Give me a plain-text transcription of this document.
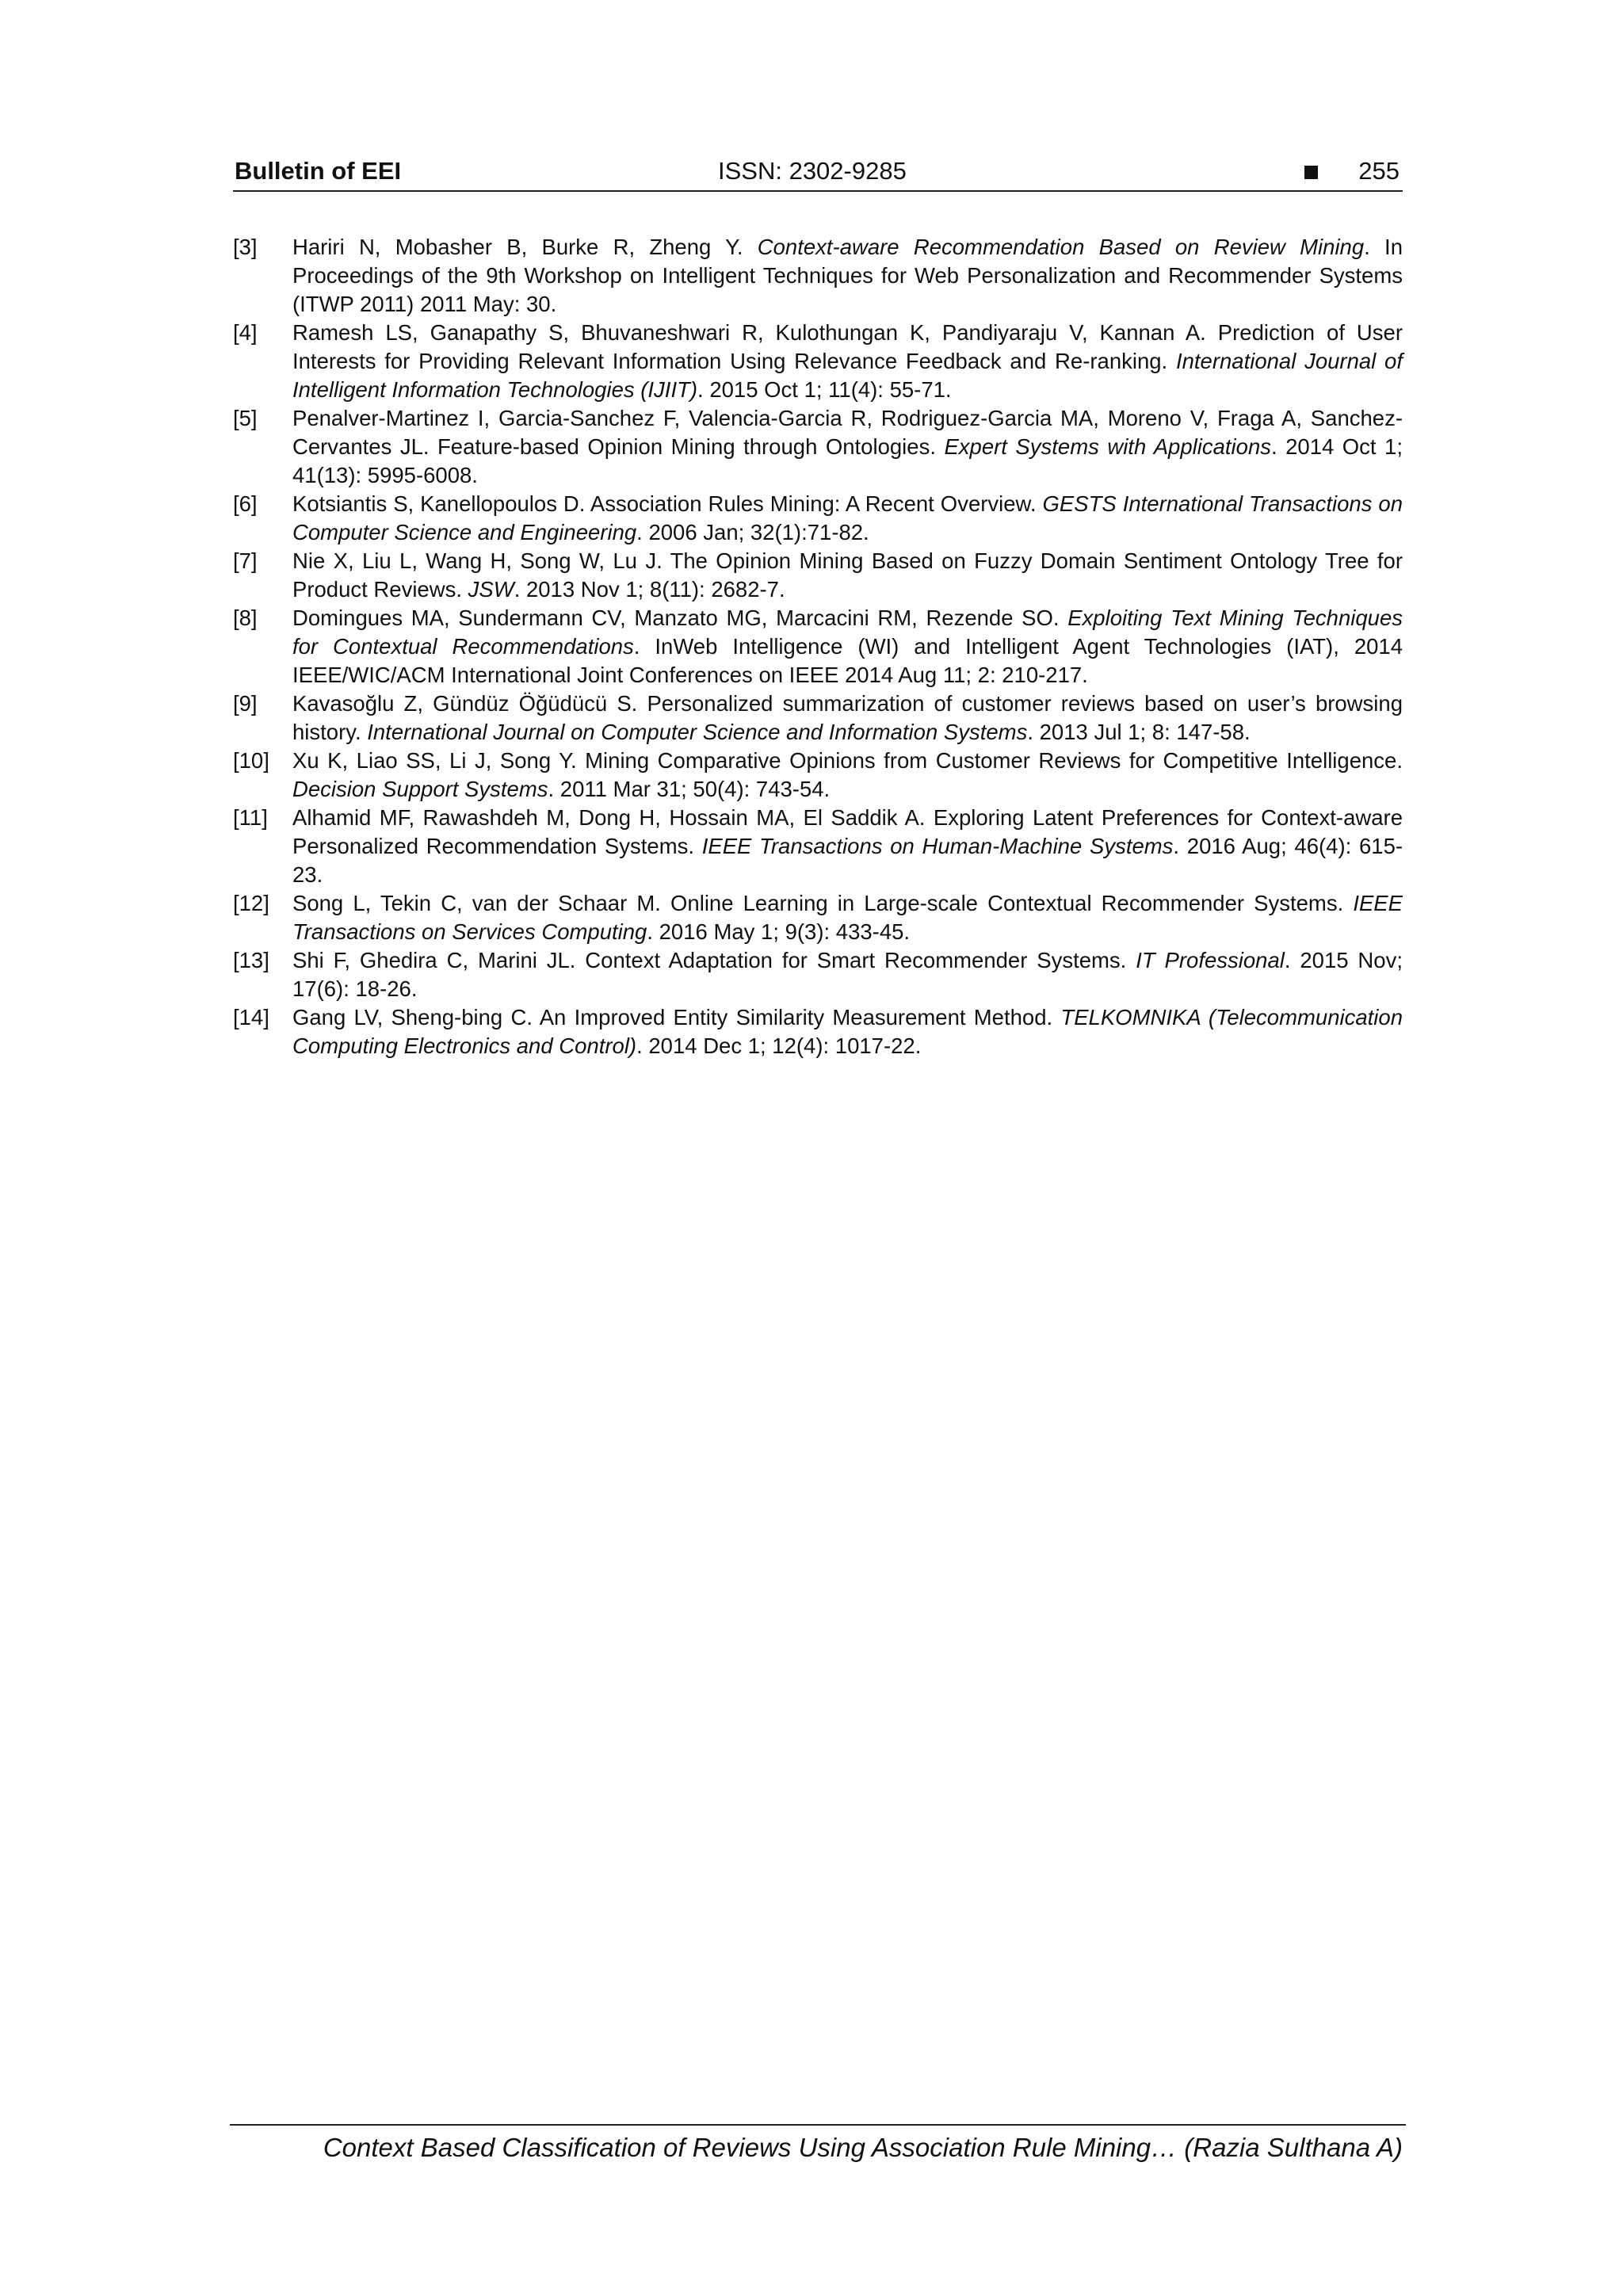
Bulletin of EEI	ISSN: 2302-9285	255
[3] Hariri N, Mobasher B, Burke R, Zheng Y. Context-aware Recommendation Based on Review Mining. In Proceedings of the 9th Workshop on Intelligent Techniques for Web Personalization and Recommender Systems (ITWP 2011) 2011 May: 30.
[4] Ramesh LS, Ganapathy S, Bhuvaneshwari R, Kulothungan K, Pandiyaraju V, Kannan A. Prediction of User Interests for Providing Relevant Information Using Relevance Feedback and Re-ranking. International Journal of Intelligent Information Technologies (IJIIT). 2015 Oct 1; 11(4): 55-71.
[5] Penalver-Martinez I, Garcia-Sanchez F, Valencia-Garcia R, Rodriguez-Garcia MA, Moreno V, Fraga A, Sanchez-Cervantes JL. Feature-based Opinion Mining through Ontologies. Expert Systems with Applications. 2014 Oct 1; 41(13): 5995-6008.
[6] Kotsiantis S, Kanellopoulos D. Association Rules Mining: A Recent Overview. GESTS International Transactions on Computer Science and Engineering. 2006 Jan; 32(1):71-82.
[7] Nie X, Liu L, Wang H, Song W, Lu J. The Opinion Mining Based on Fuzzy Domain Sentiment Ontology Tree for Product Reviews. JSW. 2013 Nov 1; 8(11): 2682-7.
[8] Domingues MA, Sundermann CV, Manzato MG, Marcacini RM, Rezende SO. Exploiting Text Mining Techniques for Contextual Recommendations. InWeb Intelligence (WI) and Intelligent Agent Technologies (IAT), 2014 IEEE/WIC/ACM International Joint Conferences on IEEE 2014 Aug 11; 2: 210-217.
[9] Kavasoğlu Z, Gündüz Öğüdücü S. Personalized summarization of customer reviews based on user’s browsing history. International Journal on Computer Science and Information Systems. 2013 Jul 1; 8: 147-58.
[10] Xu K, Liao SS, Li J, Song Y. Mining Comparative Opinions from Customer Reviews for Competitive Intelligence. Decision Support Systems. 2011 Mar 31; 50(4): 743-54.
[11] Alhamid MF, Rawashdeh M, Dong H, Hossain MA, El Saddik A. Exploring Latent Preferences for Context-aware Personalized Recommendation Systems. IEEE Transactions on Human-Machine Systems. 2016 Aug; 46(4): 615-23.
[12] Song L, Tekin C, van der Schaar M. Online Learning in Large-scale Contextual Recommender Systems. IEEE Transactions on Services Computing. 2016 May 1; 9(3): 433-45.
[13] Shi F, Ghedira C, Marini JL. Context Adaptation for Smart Recommender Systems. IT Professional. 2015 Nov; 17(6): 18-26.
[14] Gang LV, Sheng-bing C. An Improved Entity Similarity Measurement Method. TELKOMNIKA (Telecommunication Computing Electronics and Control). 2014 Dec 1; 12(4): 1017-22.
Context Based Classification of Reviews Using Association Rule Mining… (Razia Sulthana A)
